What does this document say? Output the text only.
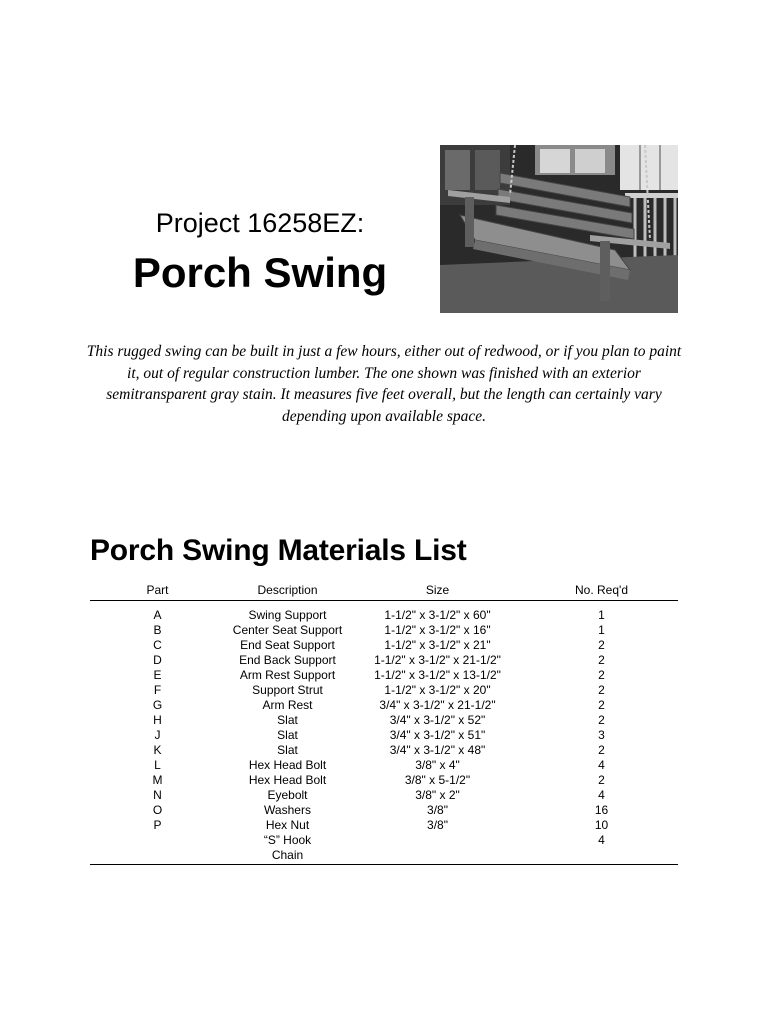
Project 16258EZ:
Porch Swing

This rugged swing can be built in just a few hours, either out of redwood, or if you plan to paint it, out of regular construction lumber. The one shown was finished with an exterior semitransparent gray stain. It measures five feet overall, but the length can certainly vary depending upon available space.

Porch Swing Materials List
Part	Description	Size	No. Req'd
A	Swing Support	1-1/2" x 3-1/2" x 60"	1
B	Center Seat Support	1-1/2" x 3-1/2" x 16"	1
C	End Seat Support	1-1/2" x 3-1/2" x 21"	2
D	End Back Support	1-1/2" x 3-1/2" x 21-1/2"	2
E	Arm Rest Support	1-1/2" x 3-1/2" x 13-1/2"	2
F	Support Strut	1-1/2" x 3-1/2" x 20"	2
G	Arm Rest	3/4" x 3-1/2" x 21-1/2"	2
H	Slat	3/4" x 3-1/2" x 52"	2
J	Slat	3/4" x 3-1/2" x 51"	3
K	Slat	3/4" x 3-1/2" x 48"	2
L	Hex Head Bolt	3/8" x 4"	4
M	Hex Head Bolt	3/8" x 5-1/2"	2
N	Eyebolt	3/8" x 2"	4
O	Washers	3/8"	16
P	Hex Nut	3/8"	10
	“S” Hook		4
	Chain		
